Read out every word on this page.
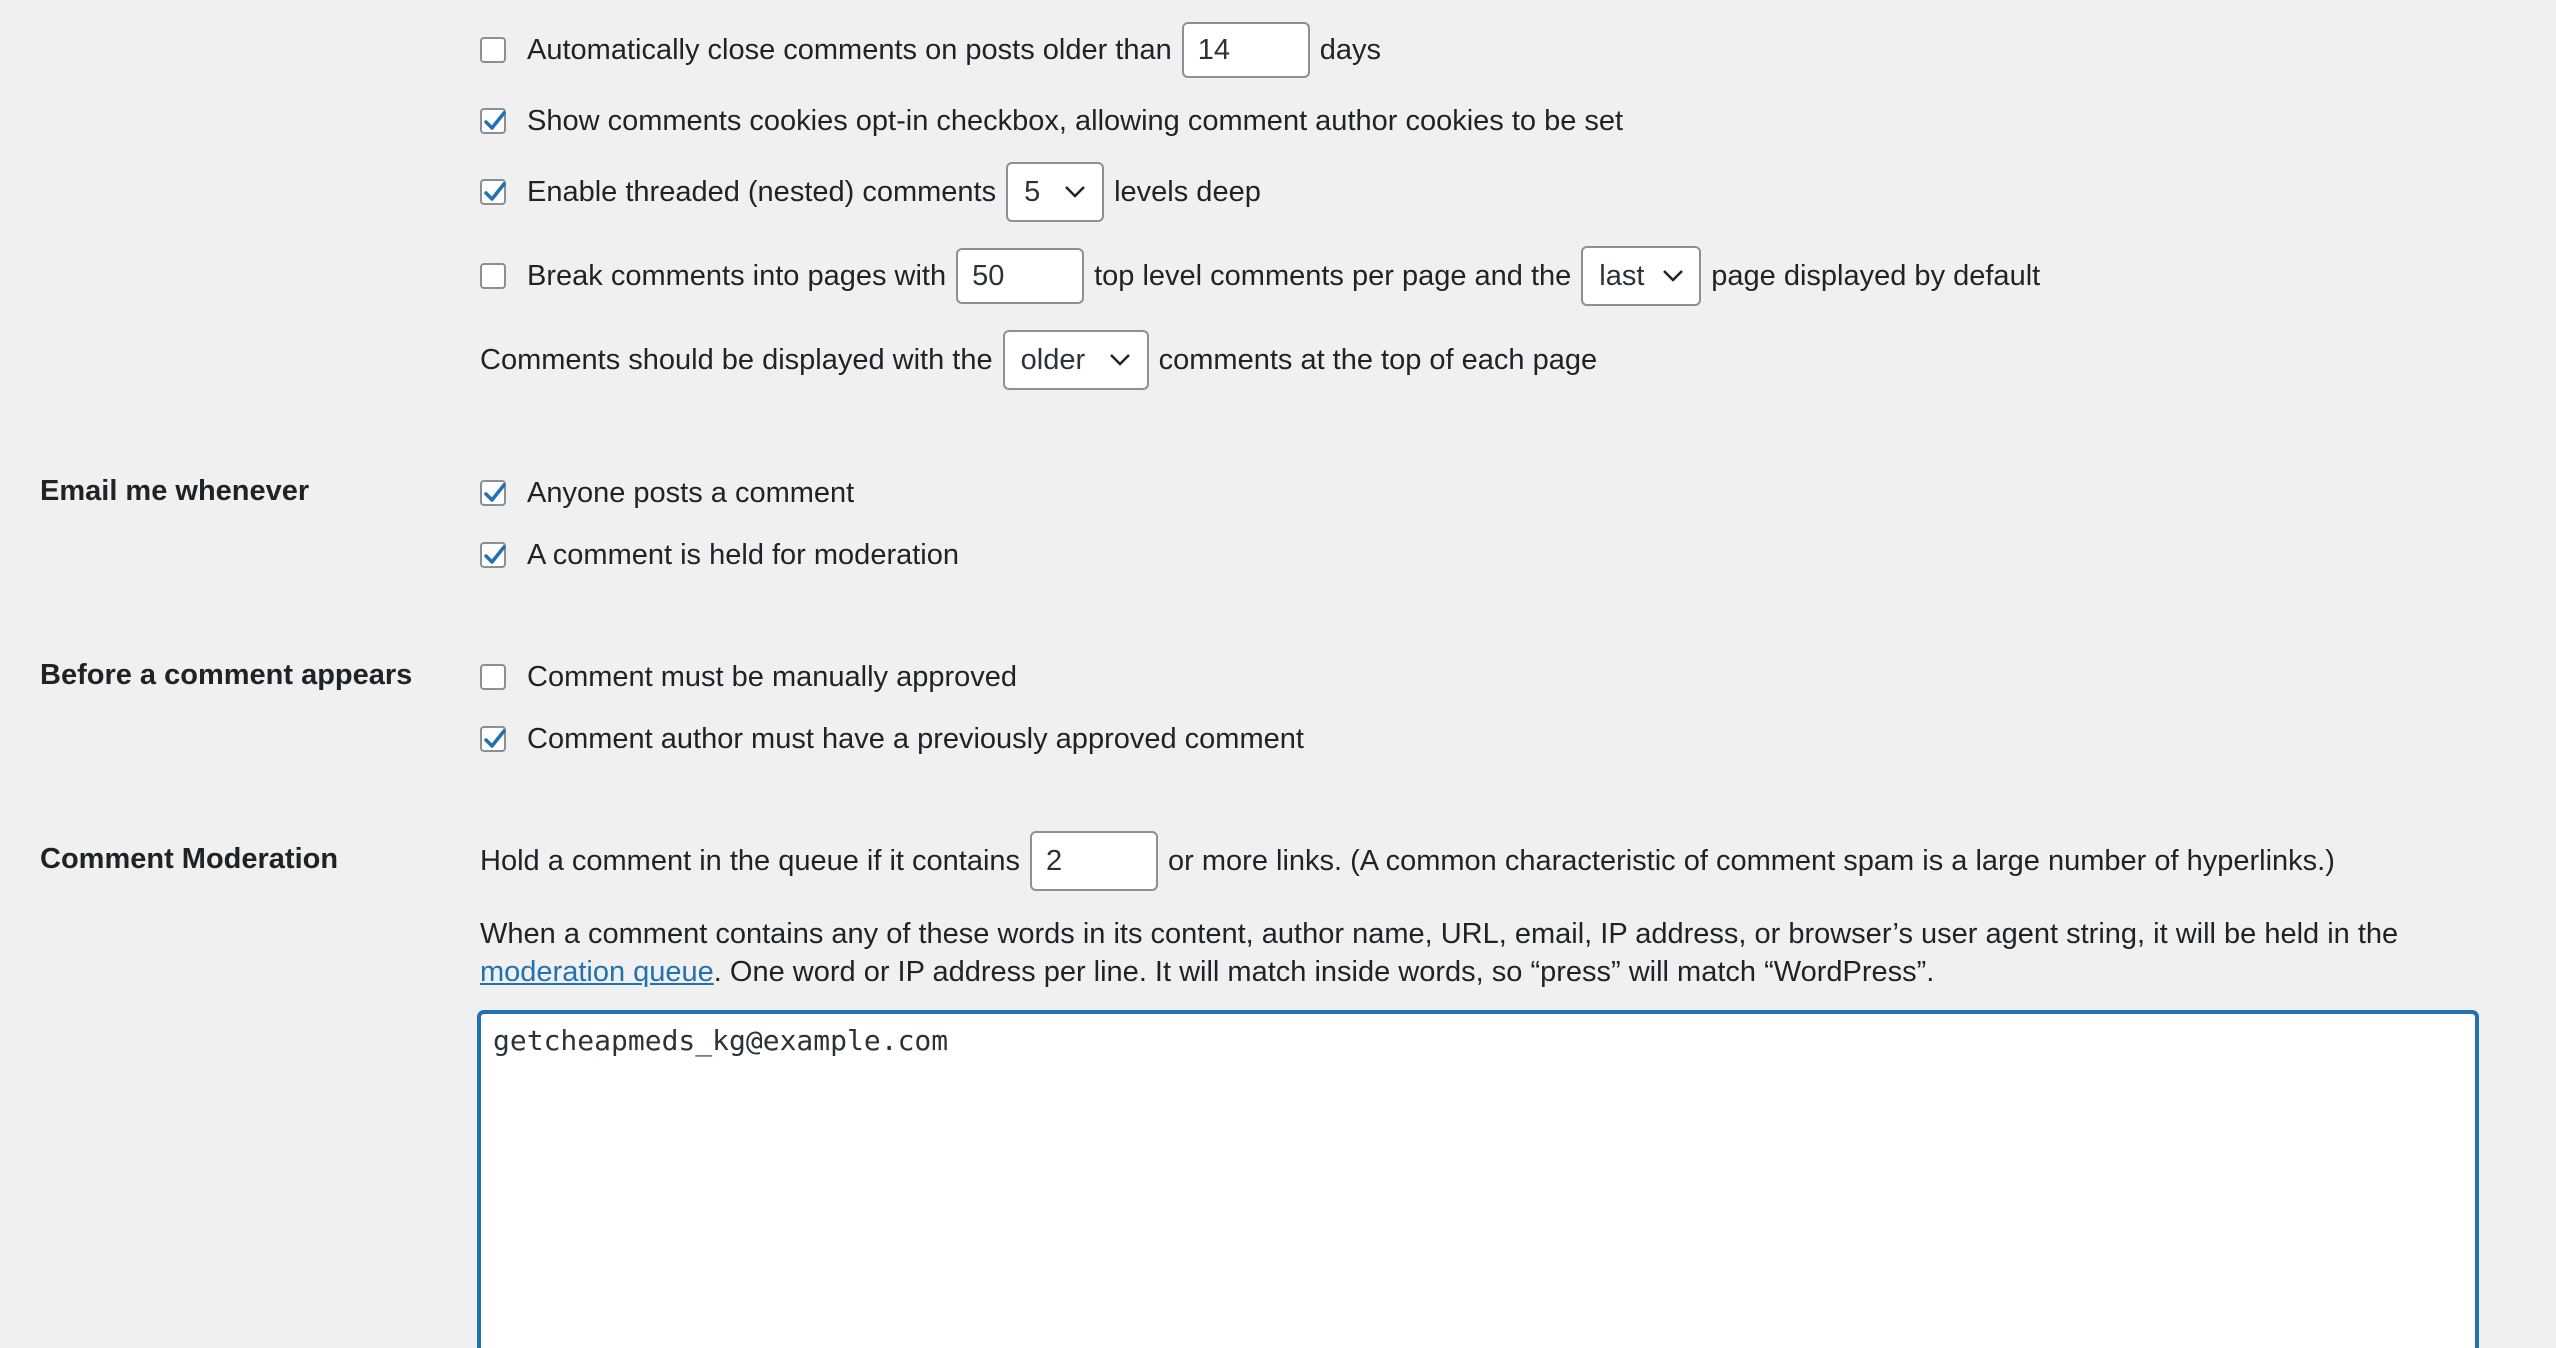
Automatically close comments on posts older than 14	days
Show comments cookies opt-in checkbox, allowing comment author cookies to be set
Enable threaded (nested) comments 5	levels deep
Break comments into pages with 50	top level comments per page and the last page displayed by default
Comments should be displayed with the older	comments at the top of each page
Email me whenever	Anyone posts a comment
A comment is held for moderation
Before a comment appears	Comment must be manually approved
Comment author must have a previously approved comment
Comment Moderation	Hold a comment in the queue if it contains 2	or more links. (A common characteristic of comment spam is a large number of hyperlinks.)
When a comment contains any of these words in its content, author name, URL, email, IP address, or browser’s user agent string, it will be held in the
moderation queue. One word or IP address per line. It will match inside words, so “press” will match “WordPress”.
getcheapmeds_kg@example.com
